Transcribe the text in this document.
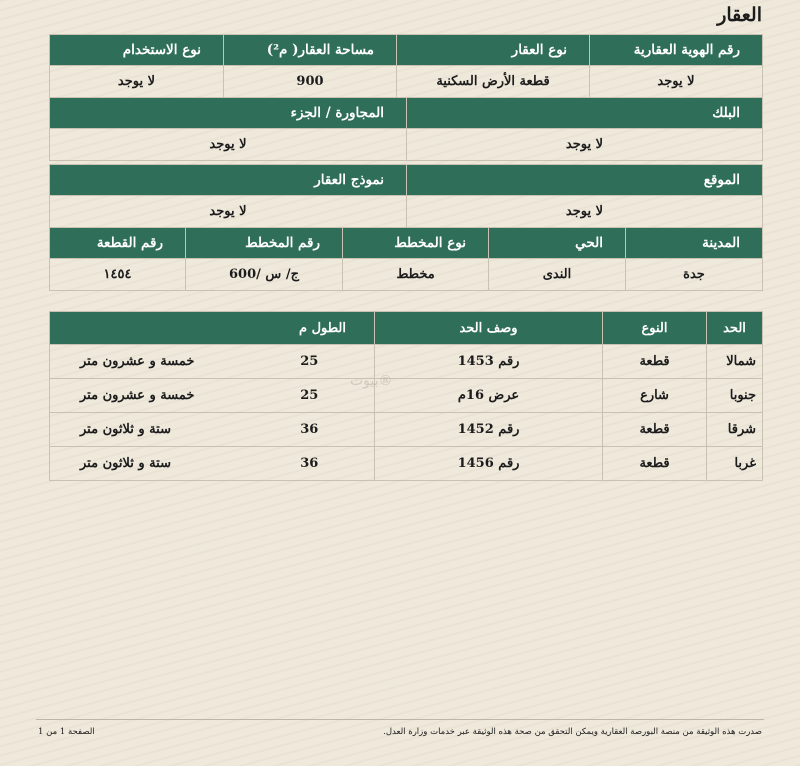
العقار
رقم الهوية العقارية	نوع العقار	مساحة العقار( م²)	نوع الاستخدام
لا يوجد	قطعة الأرض السكنية	900	لا يوجد
البلك	المجاورة / الجزء
لا يوجد	لا يوجد
الموقع	نموذج العقار
لا يوجد	لا يوجد
المدينة	الحي	نوع المخطط	رقم المخطط	رقم القطعة
جدة	الندى	مخطط	ج/ س /600	١٤٥٤
الحد	النوع	وصف الحد	الطول م	
شمالا	قطعة	رقم 1453	25	خمسة و عشرون متر
جنوبا	شارع	عرض 16م	25	خمسة و عشرون متر
شرقا	قطعة	رقم 1452	36	ستة و ثلاثون متر
غربا	قطعة	رقم 1456	36	ستة و ثلاثون متر
بيوت®
صدرت هذه الوثيقة من منصة البورصة العقارية ويمكن التحقق من صحة هذه الوثيقة عبر خدمات وزارة العدل.
الصفحة 1 من 1
